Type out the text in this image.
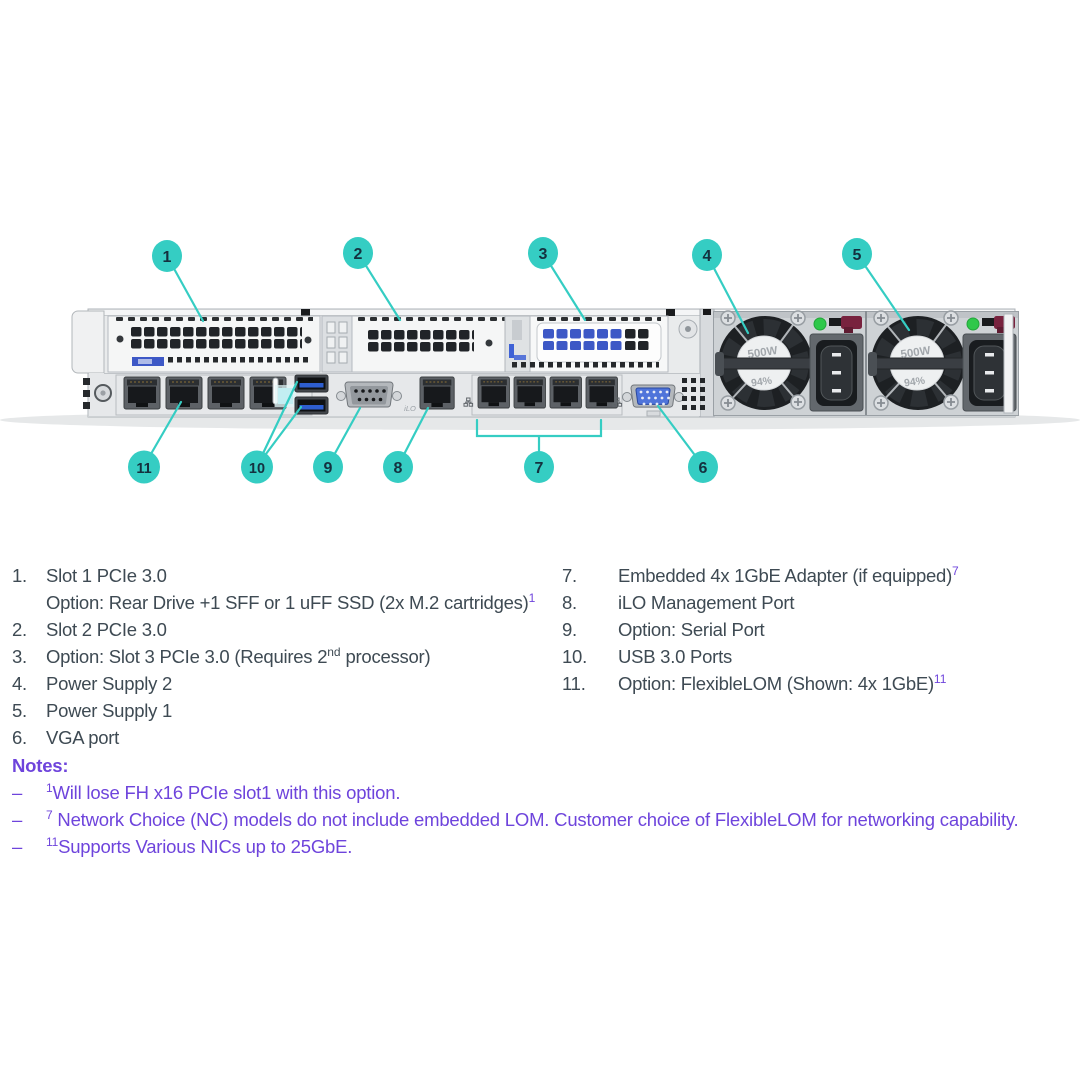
iLO
500W
94%
500W
94%
1	2	3	4	5
6
7
8
9
10
11
1.	Slot 1 PCIe 3.0
Option: Rear Drive +1 SFF or 1 uFF SSD (2x M.2 cartridges)$^1$
2.	Slot 2 PCIe 3.0
3.	Option: Slot 3 PCIe 3.0 (Requires 2nd processor)
4.	Power Supply 2
5.	Power Supply 1
6.	VGA port
7.	Embedded 4x 1GbE Adapter (if equipped)$^7$
8.	iLO Management Port
9.	Option: Serial Port
10.	USB 3.0 Ports
11.	Option: FlexibleLOM (Shown: 4x 1GbE)$^{11}$
Notes:
–	$^1$Will lose FH x16 PCIe slot1 with this option.
–	$^7$ Network Choice (NC) models do not include embedded LOM. Customer choice of FlexibleLOM for networking capability.
–	$^{11}$Supports Various NICs up to 25GbE.
